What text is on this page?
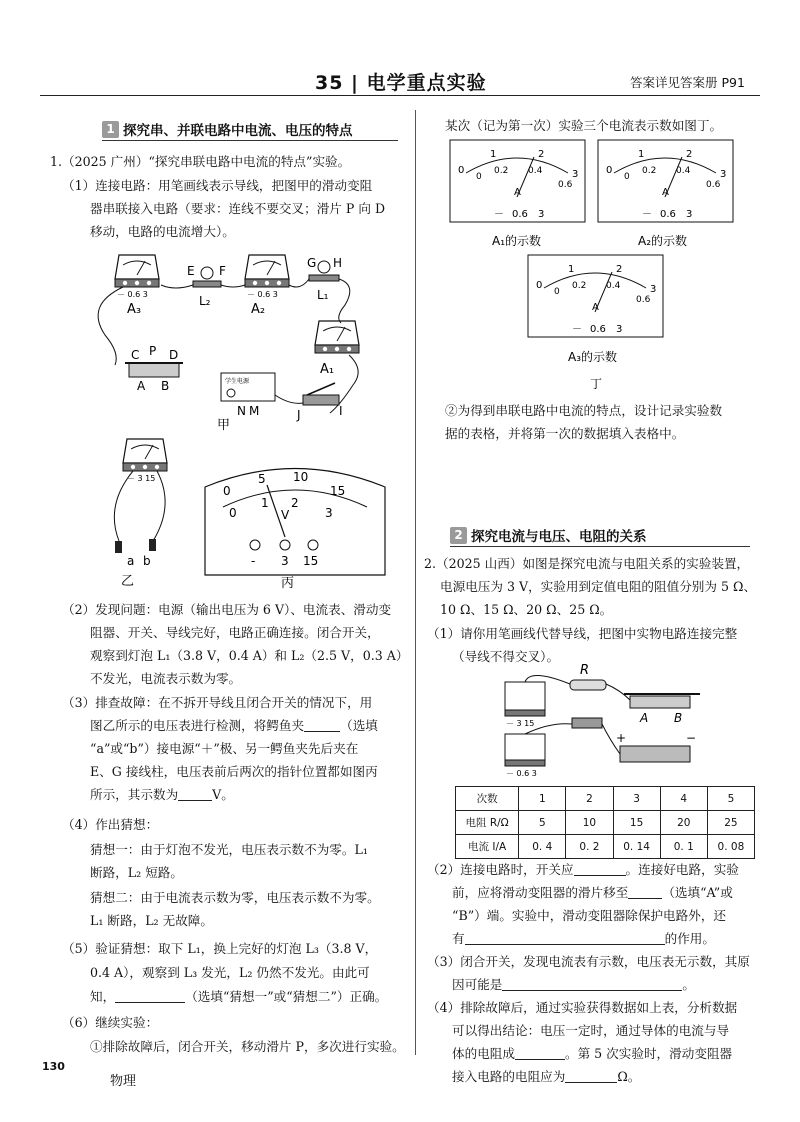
35 | 电学重点实验	答案详见答案册 P91
1 探究串、并联电路中电流、电压的特点
1.（2025 广州）“探究串联电路中电流的特点”实验。
（1）连接电路：用笔画线表示导线，把图甲的滑动变阻
器串联接入电路（要求：连线不要交叉；滑片 P 向 D
移动，电路的电流增大）。
－ 0.6 3
A₃
E F
L₂	－ 0.6 3
A₂
G H
L₁
A₁
C P D
A B	学生电源
N M	J	I
甲
－ 3 15
a b
乙
0
5 10
15
0
1 2
3
V
- 3 15
丙
（2）发现问题：电源（输出电压为 6 V）、电流表、滑动变
阻器、开关、导线完好，电路正确连接。闭合开关，
观察到灯泡 L₁（3.8 V，0.4 A）和 L₂（2.5 V，0.3 A）
不发光，电流表示数为零。
（3）排查故障：在不拆开导线且闭合开关的情况下，用
图乙所示的电压表进行检测，将鳄鱼夹	（选填
“a”或“b”）接电源“＋”极、另一鳄鱼夹先后夹在
E、G 接线柱，电压表前后两次的指针位置都如图丙
所示，其示数为	V。
（4）作出猜想：
猜想一：由于灯泡不发光，电压表示数不为零。L₁
断路，L₂ 短路。
猜想二：由于电流表示数为零，电压表示数不为零。
L₁ 断路，L₂ 无故障。
（5）验证猜想：取下 L₁，换上完好的灯泡 L₃（3.8 V，
0.4 A），观察到 L₃ 发光，L₂ 仍然不发光。由此可
知，	（选填“猜想一”或“猜想二”）正确。
（6）继续实验：
①排除故障后，闭合开关，移动滑片 P，多次进行实验。
某次（记为第一次）实验三个电流表示数如图丁。
0
1	2
3
0
0.2 0.4
0.6
A
－ 0.6 3
A₁的示数
0
1	2
3
0
0.2 0.4
0.6
A
－ 0.6 3
A₂的示数
0
1	2
3
0
0.2 0.4
0.6
A
－ 0.6 3
A₃的示数
丁
②为得到串联电路中电流的特点，设计记录实验数
据的表格，并将第一次的数据填入表格中。
2 探究电流与电压、电阻的关系
2.（2025 山西）如图是探究电流与电阻关系的实验装置，
电源电压为 3 V，实验用到定值电阻的阻值分别为 5 Ω、
10 Ω、15 Ω、20 Ω、25 Ω。
（1）请你用笔画线代替导线，把图中实物电路连接完整
（导线不得交叉）。
－ 3 15
R
A B
－ 0.6 3
+	−
次数	1	2	3	4	5
电阻 R/Ω	5	10	15	20	25
电流 I/A	0. 4	0. 2	0. 14	0. 1	0. 08
（2）连接电路时，开关应	。连接好电路，实验
前，应将滑动变阻器的滑片移至	（选填“A”或
“B”）端。实验中，滑动变阻器除保护电路外，还
有	的作用。
（3）闭合开关，发现电流表有示数，电压表无示数，其原
因可能是	。
（4）排除故障后，通过实验获得数据如上表，分析数据
可以得出结论：电压一定时，通过导体的电流与导
体的电阻成	。第 5 次实验时，滑动变阻器
接入电路的电阻应为	Ω。
130
物理
